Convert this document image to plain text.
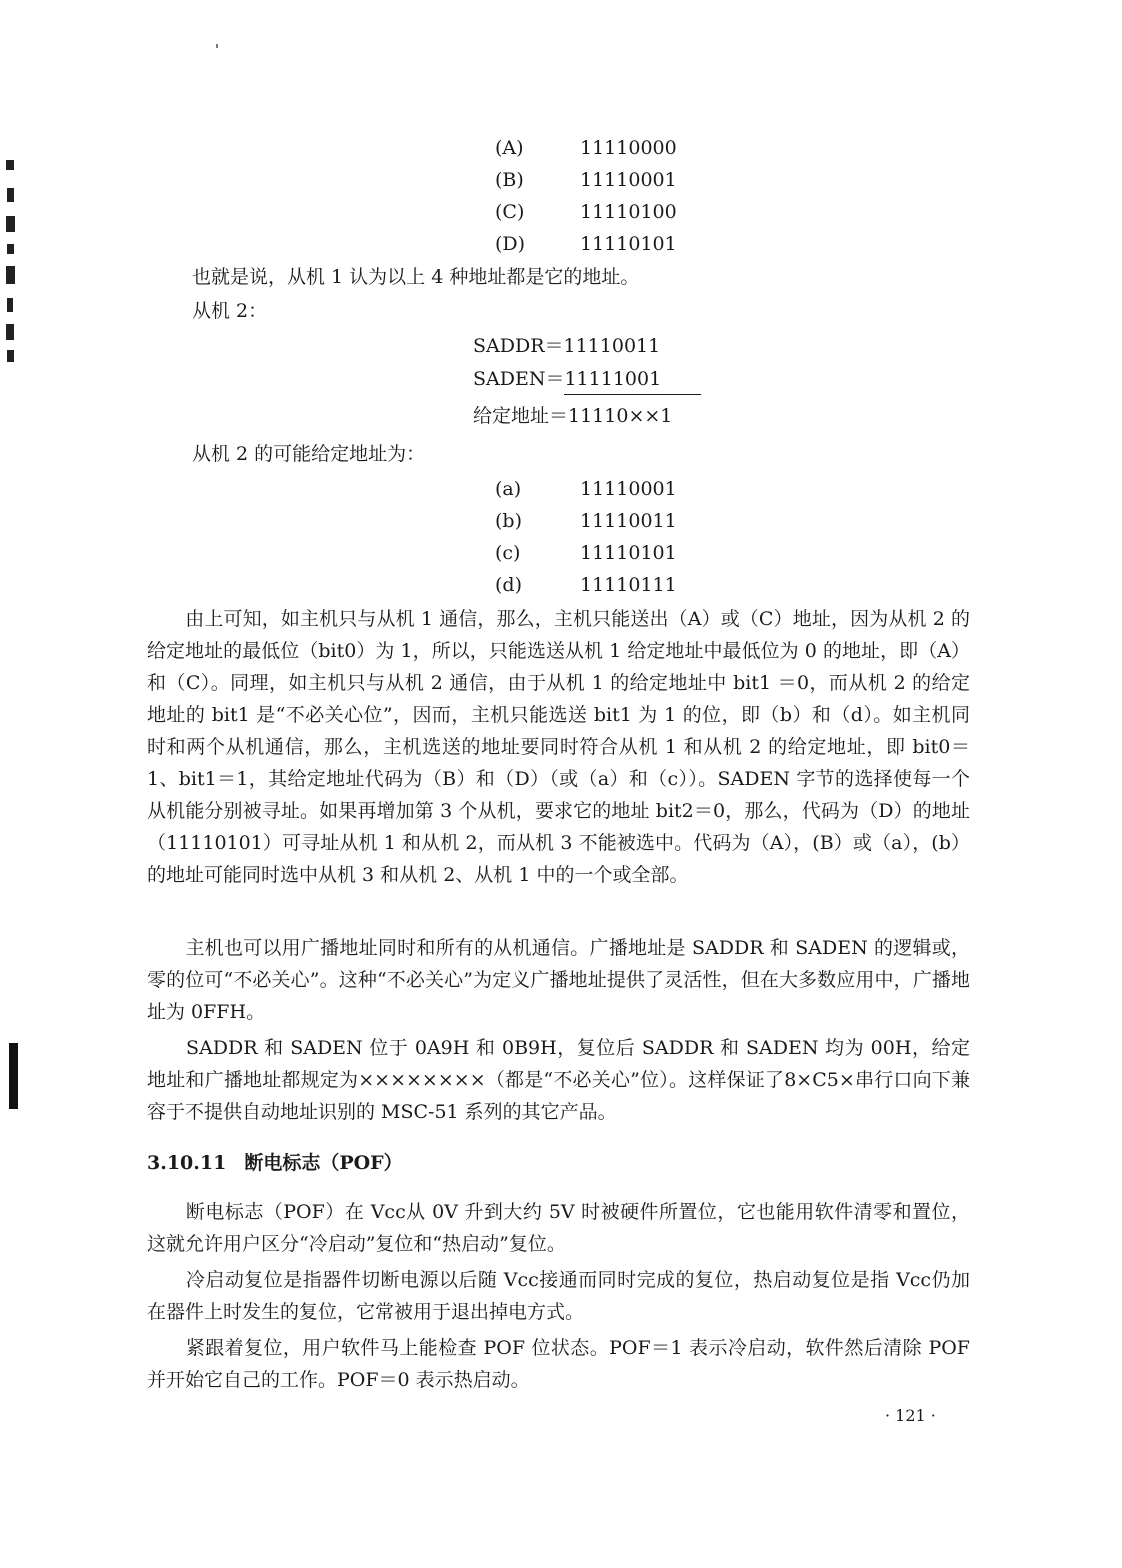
(A)	11110000
(B)	11110001
(C)	11110100
(D)	11110101
也就是说，从机 1 认为以上 4 种地址都是它的地址。
从机 2：
SADDR＝11110011
SADEN＝11111001
给定地址＝11110××1
从机 2 的可能给定地址为：
(a)	11110001
(b)	11110011
(c)	11110101
(d)	11110111

　　由上可知，如主机只与从机 1 通信，那么，主机只能送出（A）或（C）地址，因为从机 2 的给定地址的最低位（bit0）为 1，所以，只能选送从机 1 给定地址中最低位为 0 的地址，即（A）和（C）。同理，如主机只与从机 2 通信，由于从机 1 的给定地址中 bit1 ＝0，而从机 2 的给定地址的 bit1 是“不必关心位”，因而，主机只能选送 bit1 为 1 的位，即（b）和（d）。如主机同时和两个从机通信，那么，主机选送的地址要同时符合从机 1 和从机 2 的给定地址，即 bit0＝1、bit1＝1，其给定地址代码为（B）和（D）（或（a）和（c））。SADEN 字节的选择使每一个从机能分别被寻址。如果再增加第 3 个从机，要求它的地址 bit2＝0，那么，代码为（D）的地址（11110101）可寻址从机 1 和从机 2，而从机 3 不能被选中。代码为（A），(B）或（a），(b）的地址可能同时选中从机 3 和从机 2、从机 1 中的一个或全部。

　　主机也可以用广播地址同时和所有的从机通信。广播地址是 SADDR 和 SADEN 的逻辑或，零的位可“不必关心”。这种“不必关心”为定义广播地址提供了灵活性，但在大多数应用中，广播地址为 0FFH。

　　SADDR 和 SADEN 位于 0A9H 和 0B9H，复位后 SADDR 和 SADEN 均为 00H，给定地址和广播地址都规定为××××××××（都是“不必关心”位）。这样保证了8×C5×串行口向下兼容于不提供自动地址识别的 MSC-51 系列的其它产品。

3.10.11 断电标志（POF）

　　断电标志（POF）在 Vcc从 0V 升到大约 5V 时被硬件所置位，它也能用软件清零和置位，这就允许用户区分“冷启动”复位和“热启动”复位。

　　冷启动复位是指器件切断电源以后随 Vcc接通而同时完成的复位，热启动复位是指 Vcc仍加在器件上时发生的复位，它常被用于退出掉电方式。

　　紧跟着复位，用户软件马上能检查 POF 位状态。POF＝1 表示冷启动，软件然后清除 POF 并开始它自己的工作。POF＝0 表示热启动。

· 121 ·
